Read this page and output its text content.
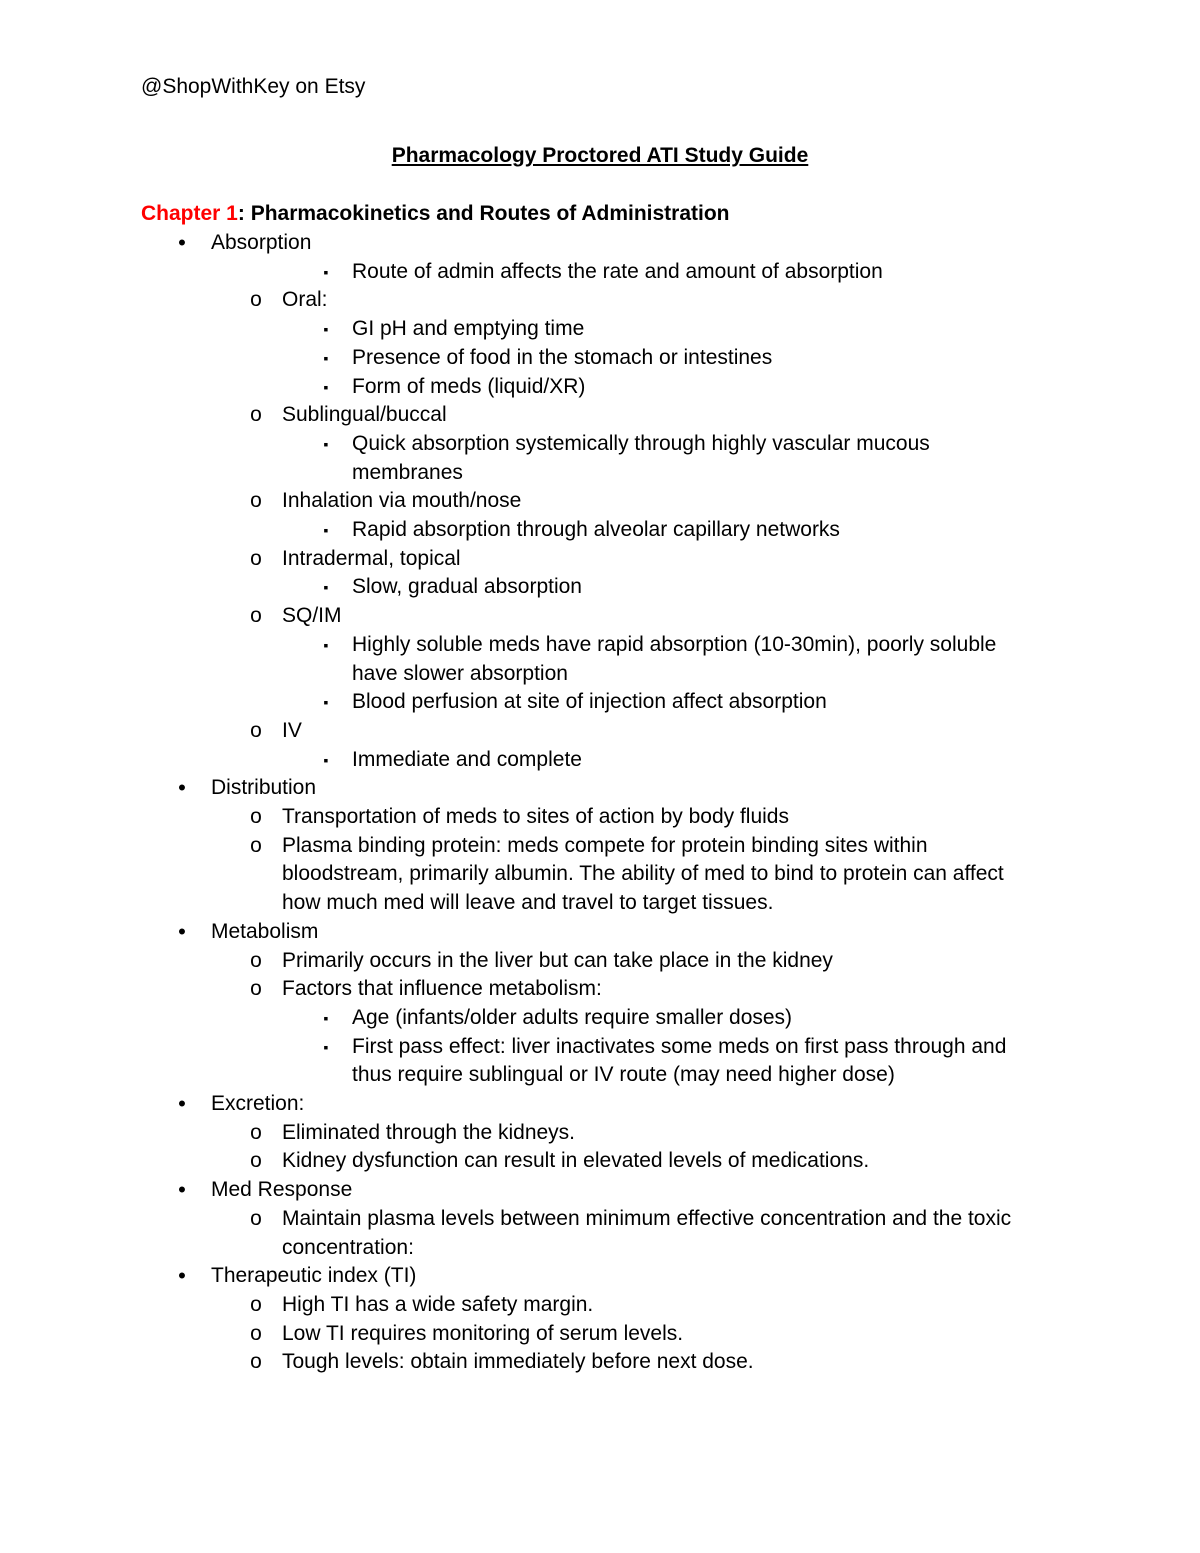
@ShopWithKey on Etsy
Pharmacology Proctored ATI Study Guide
Chapter 1: Pharmacokinetics and Routes of Administration
•	Absorption
▪	Route of admin affects the rate and amount of absorption
o Oral:
▪	GI pH and emptying time
▪	Presence of food in the stomach or intestines
▪	Form of meds (liquid/XR)
o Sublingual/buccal
▪	Quick absorption systemically through highly vascular mucous
membranes
o Inhalation via mouth/nose
▪	Rapid absorption through alveolar capillary networks
o Intradermal, topical
▪	Slow, gradual absorption
o SQ/IM
▪	Highly soluble meds have rapid absorption (10-30min), poorly soluble
have slower absorption
▪	Blood perfusion at site of injection affect absorption
o IV
▪	Immediate and complete
•	Distribution
o Transportation of meds to sites of action by body fluids
o Plasma binding protein: meds compete for protein binding sites within
bloodstream, primarily albumin. The ability of med to bind to protein can affect
how much med will leave and travel to target tissues.
•	Metabolism
o Primarily occurs in the liver but can take place in the kidney
o Factors that influence metabolism:
▪	Age (infants/older adults require smaller doses)
▪	First pass effect: liver inactivates some meds on first pass through and
thus require sublingual or IV route (may need higher dose)
•	Excretion:
o Eliminated through the kidneys.
o Kidney dysfunction can result in elevated levels of medications.
•	Med Response
o Maintain plasma levels between minimum effective concentration and the toxic
concentration:
•	Therapeutic index (TI)
o High TI has a wide safety margin.
o Low TI requires monitoring of serum levels.
o Tough levels: obtain immediately before next dose.
